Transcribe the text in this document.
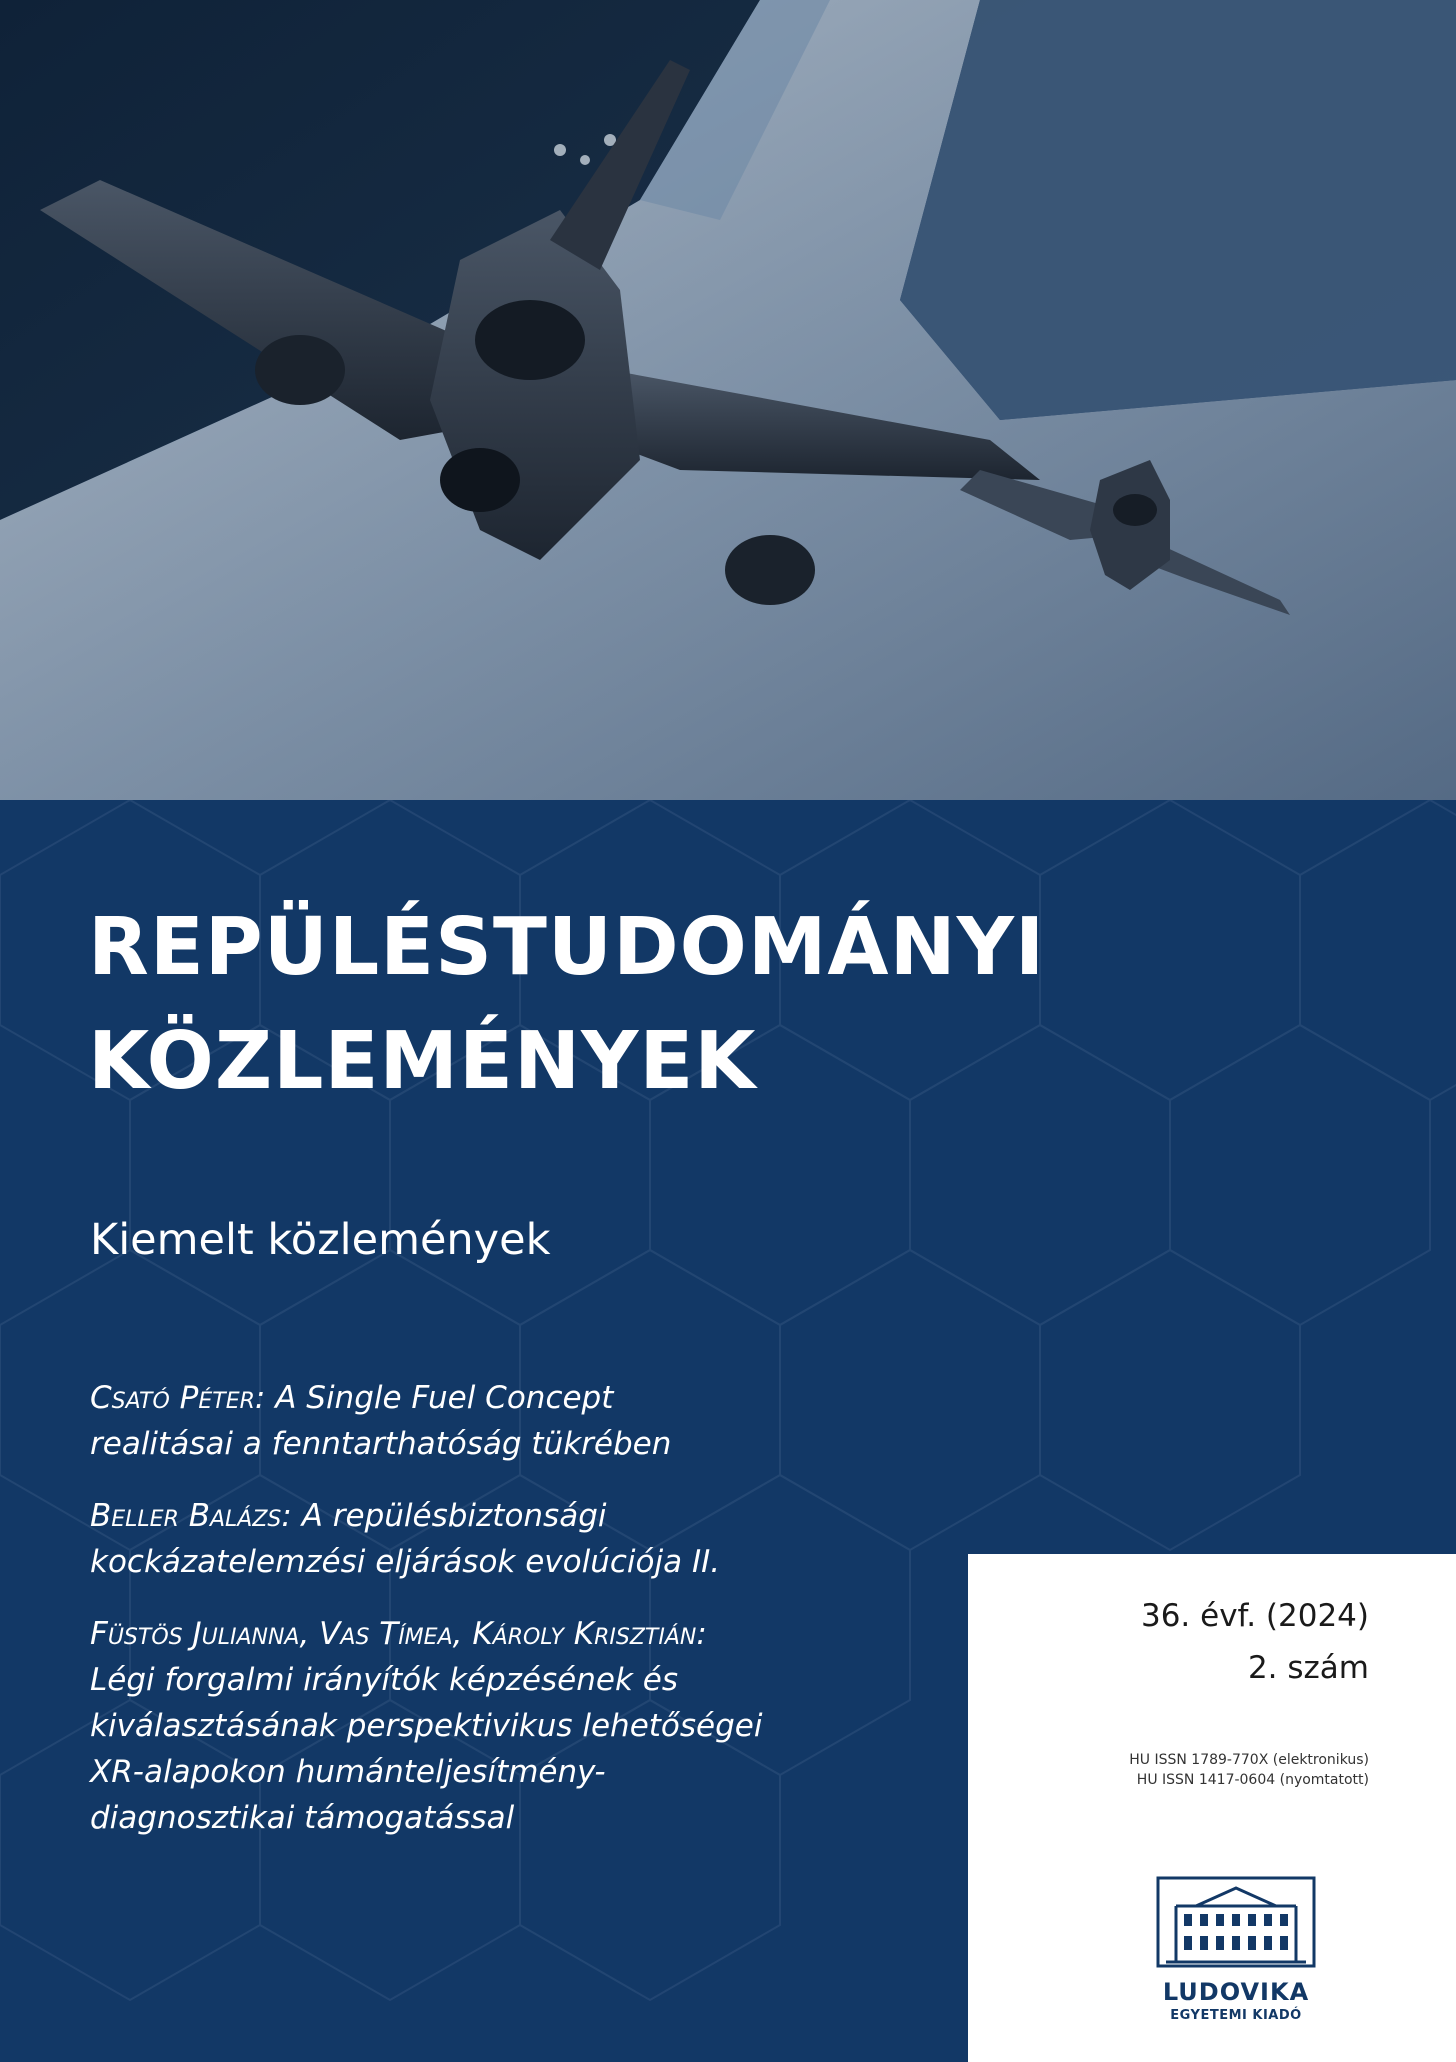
REPÜLÉSTUDOMÁNYI
KÖZLEMÉNYEK
Kiemelt közlemények

Csató Péter: A Single Fuel Concept
realitásai a fenntarthatóság tükrében

Beller Balázs: A repülésbiztonsági
kockázatelemzési eljárások evolúciója II.

Füstös Julianna, Vas Tímea, Károly Krisztián:
Légi forgalmi irányítók képzésének és
kiválasztásának perspektivikus lehetőségei
XR-alapokon humánteljesítmény-
diagnosztikai támogatással

36. évf. (2024)
2. szám
HU ISSN 1789-770X (elektronikus)
HU ISSN 1417-0604 (nyomtatott)
LUDOVIKA
EGYETEMI KIADÓ
